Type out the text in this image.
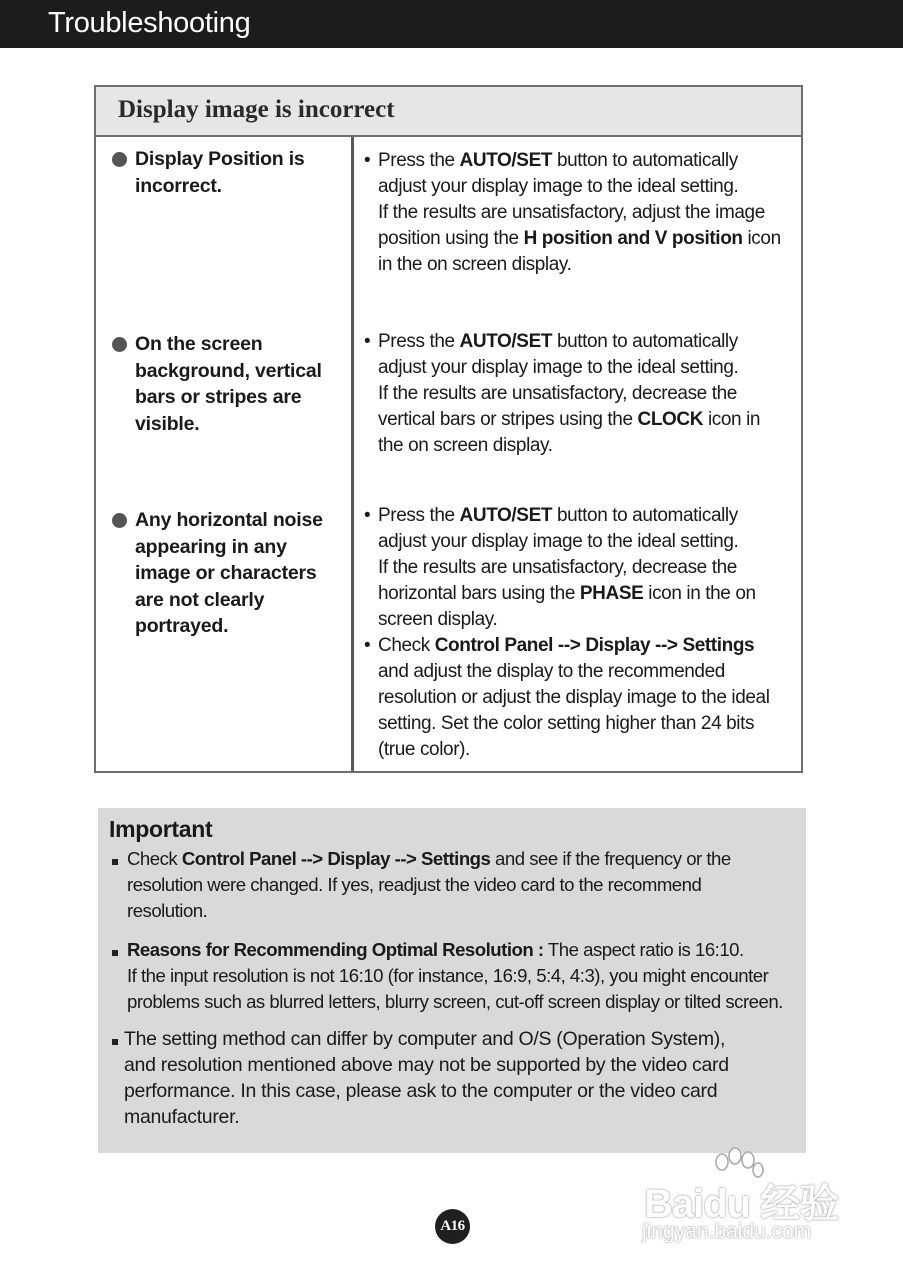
Troubleshooting
Display image is incorrect
Display Position is
incorrect.
• Press the AUTO/SET button to automatically
adjust your display image to the ideal setting.
If the results are unsatisfactory, adjust the image
position using the H position and V position icon
in the on screen display.
On the screen
background, vertical
bars or stripes are
visible.
• Press the AUTO/SET button to automatically
adjust your display image to the ideal setting.
If the results are unsatisfactory, decrease the
vertical bars or stripes using the CLOCK icon in
the on screen display.
Any horizontal noise
appearing in any
image or characters
are not clearly
portrayed.
• Press the AUTO/SET button to automatically
adjust your display image to the ideal setting.
If the results are unsatisfactory, decrease the
horizontal bars using the PHASE icon in the on
screen display.
• Check Control Panel --> Display --> Settings
and adjust the display to the recommended
resolution or adjust the display image to the ideal
setting. Set the color setting higher than 24 bits
(true color).
Important
Check Control Panel --> Display --> Settings and see if the frequency or the
resolution were changed. If yes, readjust the video card to the recommend
resolution.
Reasons for Recommending Optimal Resolution : The aspect ratio is 16:10.
If the input resolution is not 16:10 (for instance, 16:9, 5:4, 4:3), you might encounter
problems such as blurred letters, blurry screen, cut-off screen display or tilted screen.
The setting method can differ by computer and O/S (Operation System),
and resolution mentioned above may not be supported by the video card
performance. In this case, please ask to the computer or the video card
manufacturer.
Baidu 经验
jingyan.baidu.com
A16
